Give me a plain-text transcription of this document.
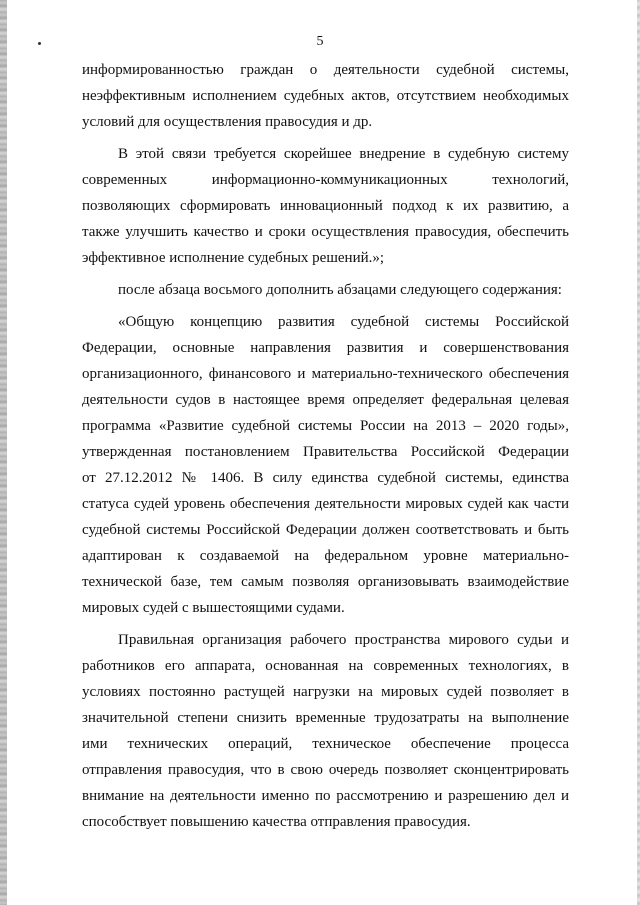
5
информированностью граждан о деятельности судебной системы,
неэффективным исполнением судебных актов, отсутствием необходимых
условий для осуществления правосудия и др.
В этой связи требуется скорейшее внедрение в судебную систему
современных информационно-коммуникационных технологий,
позволяющих сформировать инновационный подход к их развитию, а
также улучшить качество и сроки осуществления правосудия, обеспечить
эффективное исполнение судебных решений.»;
после абзаца восьмого дополнить абзацами следующего содержания:
«Общую концепцию развития судебной системы Российской
Федерации, основные направления развития и совершенствования
организационного, финансового и материально-технического обеспечения
деятельности судов в настоящее время определяет федеральная целевая
программа «Развитие судебной системы России на 2013 – 2020 годы»,
утвержденная постановлением Правительства Российской Федерации
от 27.12.2012 № 1406. В силу единства судебной системы, единства
статуса судей уровень обеспечения деятельности мировых судей как части
судебной системы Российской Федерации должен соответствовать и быть
адаптирован к создаваемой на федеральном уровне материально-
технической базе, тем самым позволяя организовывать взаимодействие
мировых судей с вышестоящими судами.
Правильная организация рабочего пространства мирового судьи и
работников его аппарата, основанная на современных технологиях, в
условиях постоянно растущей нагрузки на мировых судей позволяет в
значительной степени снизить временные трудозатраты на выполнение
ими технических операций, техническое обеспечение процесса
отправления правосудия, что в свою очередь позволяет сконцентрировать
внимание на деятельности именно по рассмотрению и разрешению дел и
способствует повышению качества отправления правосудия.
